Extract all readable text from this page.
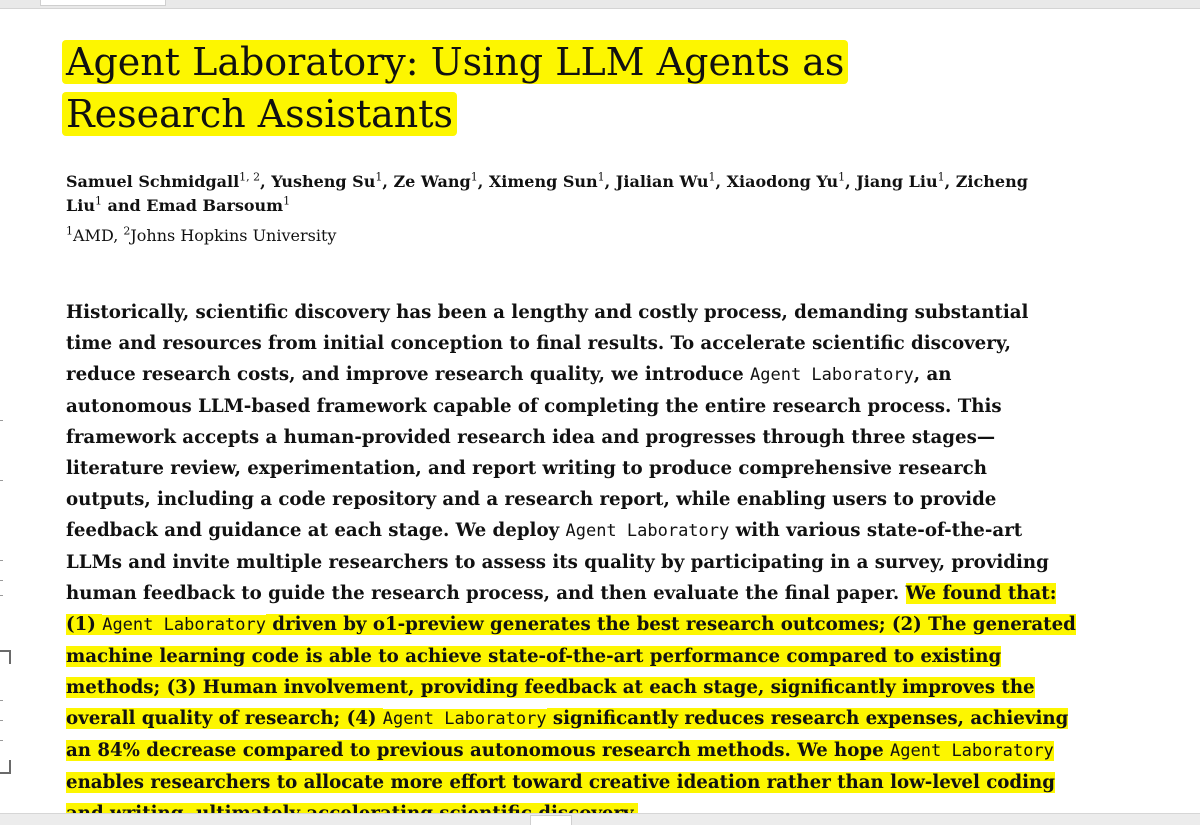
Agent Laboratory: Using LLM Agents as
Research Assistants
Samuel Schmidgall$^{1, 2}$, Yusheng Su$^1$, Ze Wang$^1$, Ximeng Sun$^1$, Jialian Wu$^1$, Xiaodong Yu$^1$, Jiang Liu$^1$, Zicheng Liu$^1$ and Emad Barsoum$^1$
$^1$AMD, $^2$Johns Hopkins University

Historically, scientific discovery has been a lengthy and costly process, demanding substantial time and resources from initial conception to final results. To accelerate scientific discovery, reduce research costs, and improve research quality, we introduce Agent Laboratory, an autonomous LLM-based framework capable of completing the entire research process. This framework accepts a human-provided research idea and progresses through three stages—literature review, experimentation, and report writing to produce comprehensive research outputs, including a code repository and a research report, while enabling users to provide feedback and guidance at each stage. We deploy Agent Laboratory with various state-of-the-art LLMs and invite multiple researchers to assess its quality by participating in a survey, providing human feedback to guide the research process, and then evaluate the final paper. We found that: (1) Agent Laboratory driven by o1-preview generates the best research outcomes; (2) The generated machine learning code is able to achieve state-of-the-art performance compared to existing methods; (3) Human involvement, providing feedback at each stage, significantly improves the overall quality of research; (4) Agent Laboratory significantly reduces research expenses, achieving an 84% decrease compared to previous autonomous research methods. We hope Agent Laboratory enables researchers to allocate more effort toward creative ideation rather than low-level coding
